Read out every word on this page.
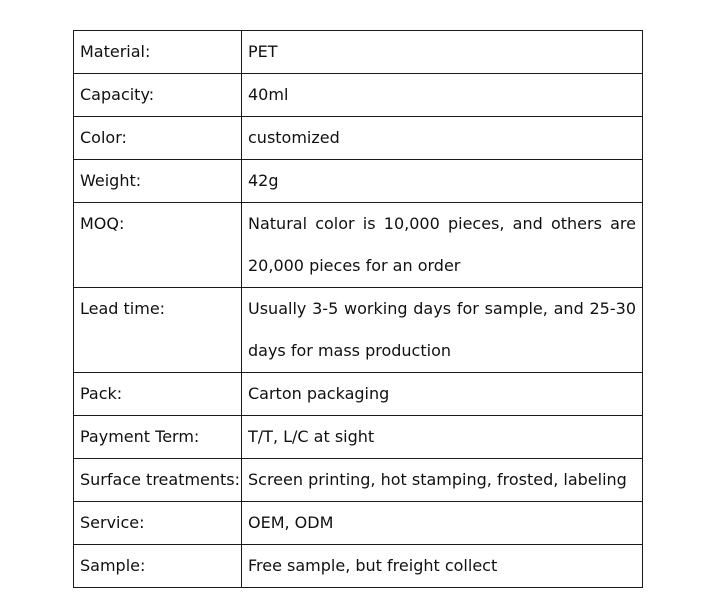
Material:	PET
Capacity:	40ml
Color:	customized
Weight:	42g
MOQ:	Natural color is 10,000 pieces, and others are 20,000 pieces for an order
Lead time:	Usually 3-5 working days for sample, and 25-30 days for mass production
Pack:	Carton packaging
Payment Term:	T/T, L/C at sight
Surface treatments:	Screen printing, hot stamping, frosted, labeling
Service:	OEM, ODM
Sample:	Free sample, but freight collect
